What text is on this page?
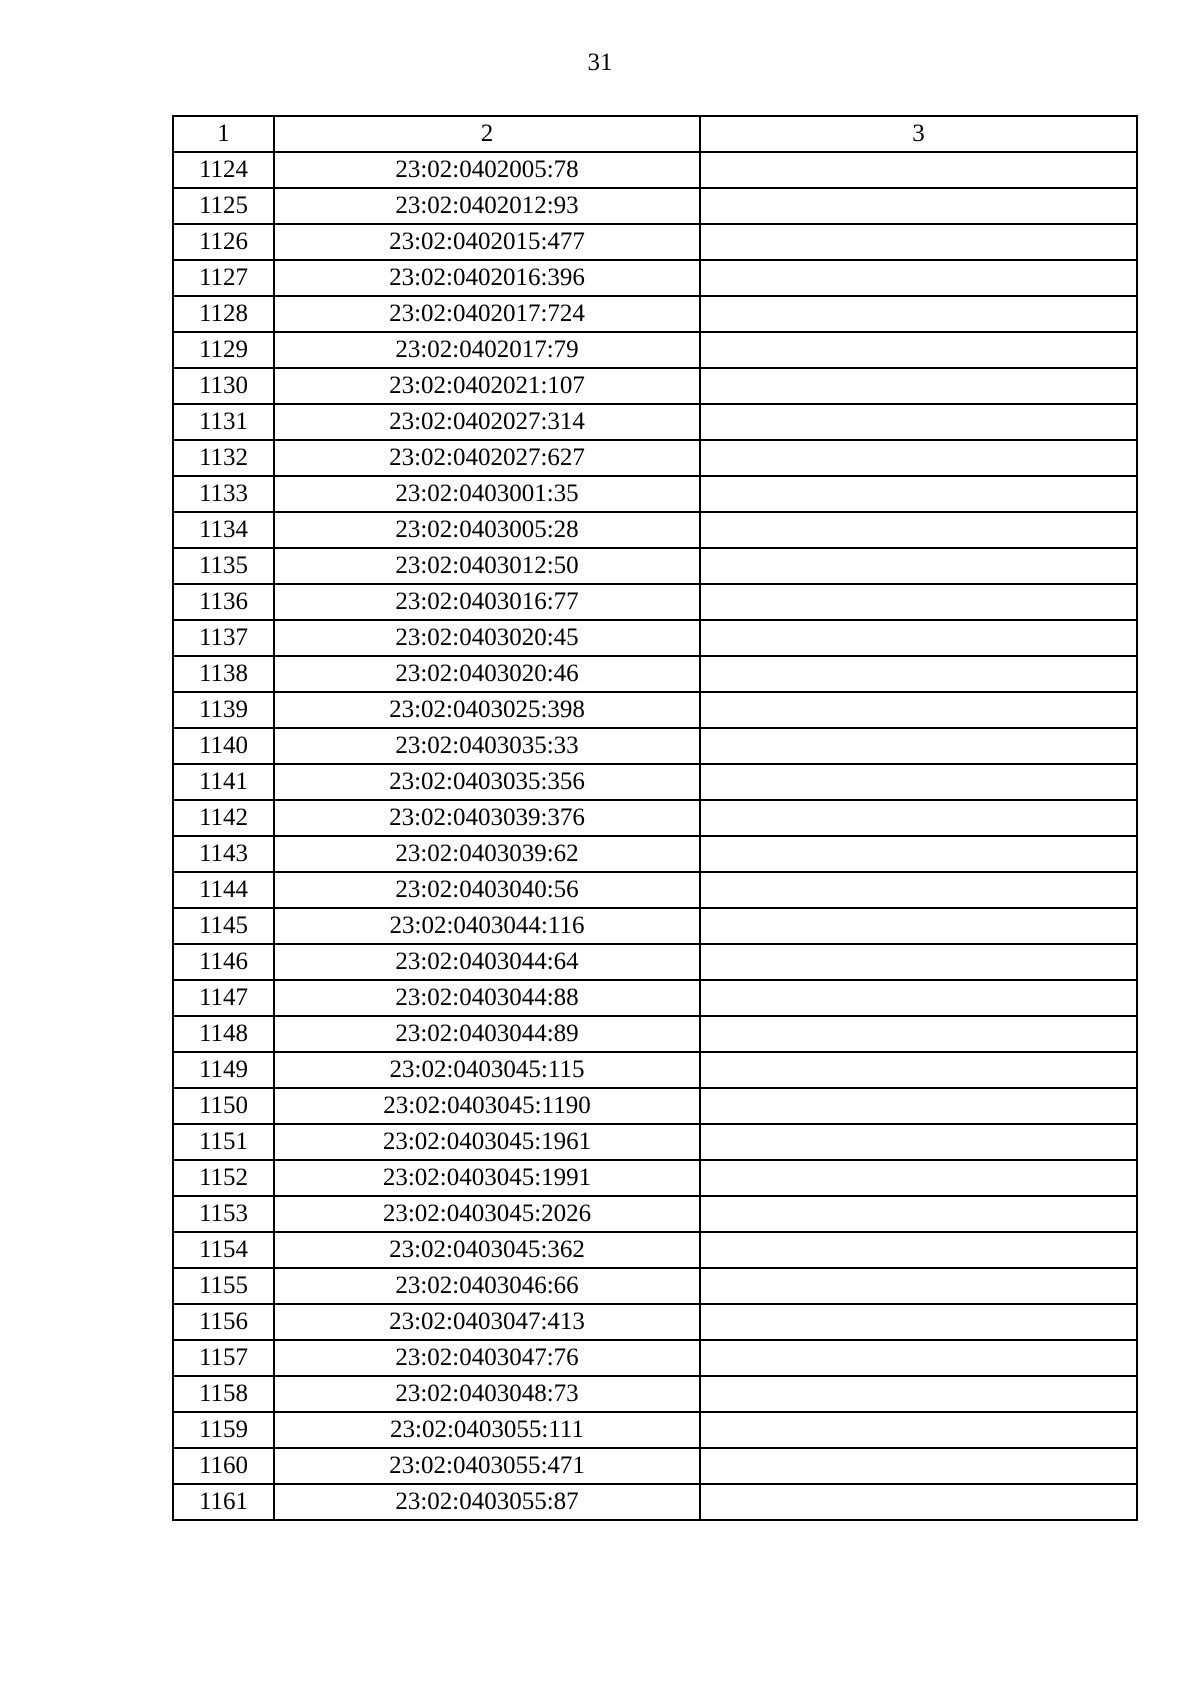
31
1	2	3
1124	23:02:0402005:78	
1125	23:02:0402012:93	
1126	23:02:0402015:477	
1127	23:02:0402016:396	
1128	23:02:0402017:724	
1129	23:02:0402017:79	
1130	23:02:0402021:107	
1131	23:02:0402027:314	
1132	23:02:0402027:627	
1133	23:02:0403001:35	
1134	23:02:0403005:28	
1135	23:02:0403012:50	
1136	23:02:0403016:77	
1137	23:02:0403020:45	
1138	23:02:0403020:46	
1139	23:02:0403025:398	
1140	23:02:0403035:33	
1141	23:02:0403035:356	
1142	23:02:0403039:376	
1143	23:02:0403039:62	
1144	23:02:0403040:56	
1145	23:02:0403044:116	
1146	23:02:0403044:64	
1147	23:02:0403044:88	
1148	23:02:0403044:89	
1149	23:02:0403045:115	
1150	23:02:0403045:1190	
1151	23:02:0403045:1961	
1152	23:02:0403045:1991	
1153	23:02:0403045:2026	
1154	23:02:0403045:362	
1155	23:02:0403046:66	
1156	23:02:0403047:413	
1157	23:02:0403047:76	
1158	23:02:0403048:73	
1159	23:02:0403055:111	
1160	23:02:0403055:471	
1161	23:02:0403055:87	
